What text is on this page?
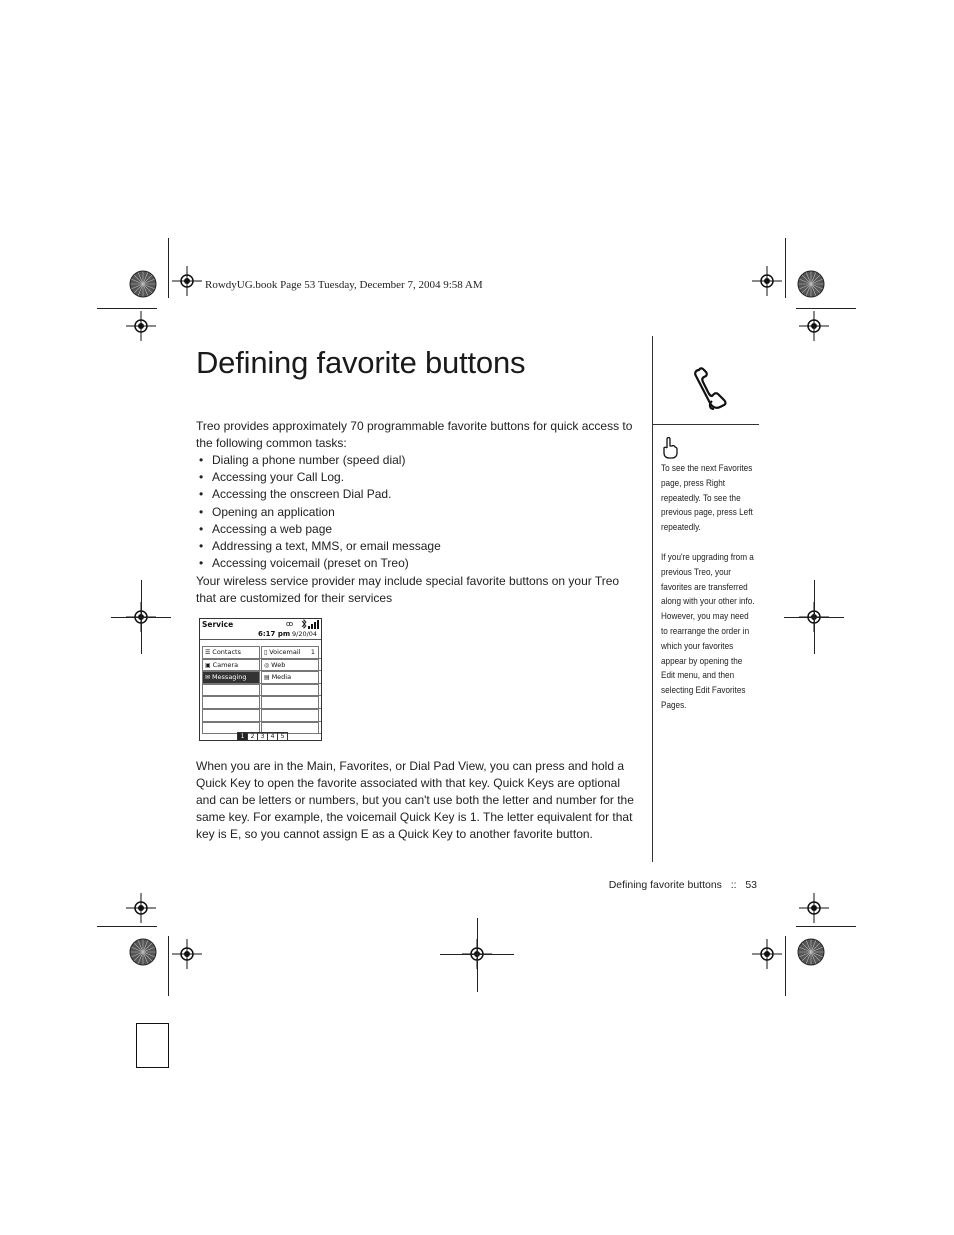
RowdyUG.book Page 53 Tuesday, December 7, 2004 9:58 AM
Defining favorite buttons
Treo provides approximately 70 programmable favorite buttons for quick access to the following common tasks:
• Dialing a phone number (speed dial)
• Accessing your Call Log.
• Accessing the onscreen Dial Pad.
• Opening an application
• Accessing a web page
• Addressing a text, MMS, or email message
• Accessing voicemail (preset on Treo)
Your wireless service provider may include special favorite buttons on your Treo that are customized for their services
Service	ꝏ
6:17 pm 9/20/04
☰ Contacts	▯ Voicemail 1
▣ Camera	◎ Web
✉ Messaging	▤ Media
1	2	3	4	5
When you are in the Main, Favorites, or Dial Pad View, you can press and hold a Quick Key to open the favorite associated with that key. Quick Keys are optional and can be letters or numbers, but you can't use both the letter and number for the same key. For example, the voicemail Quick Key is 1. The letter equivalent for that key is E, so you cannot assign E as a Quick Key to another favorite button.

To see the next Favorites page, press Right repeatedly. To see the previous page, press Left repeatedly.

If you're upgrading from a previous Treo, your favorites are transferred along with your other info. However, you may need to rearrange the order in which your favorites appear by opening the Edit menu, and then selecting Edit Favorites Pages.

Defining favorite buttons :: 53
